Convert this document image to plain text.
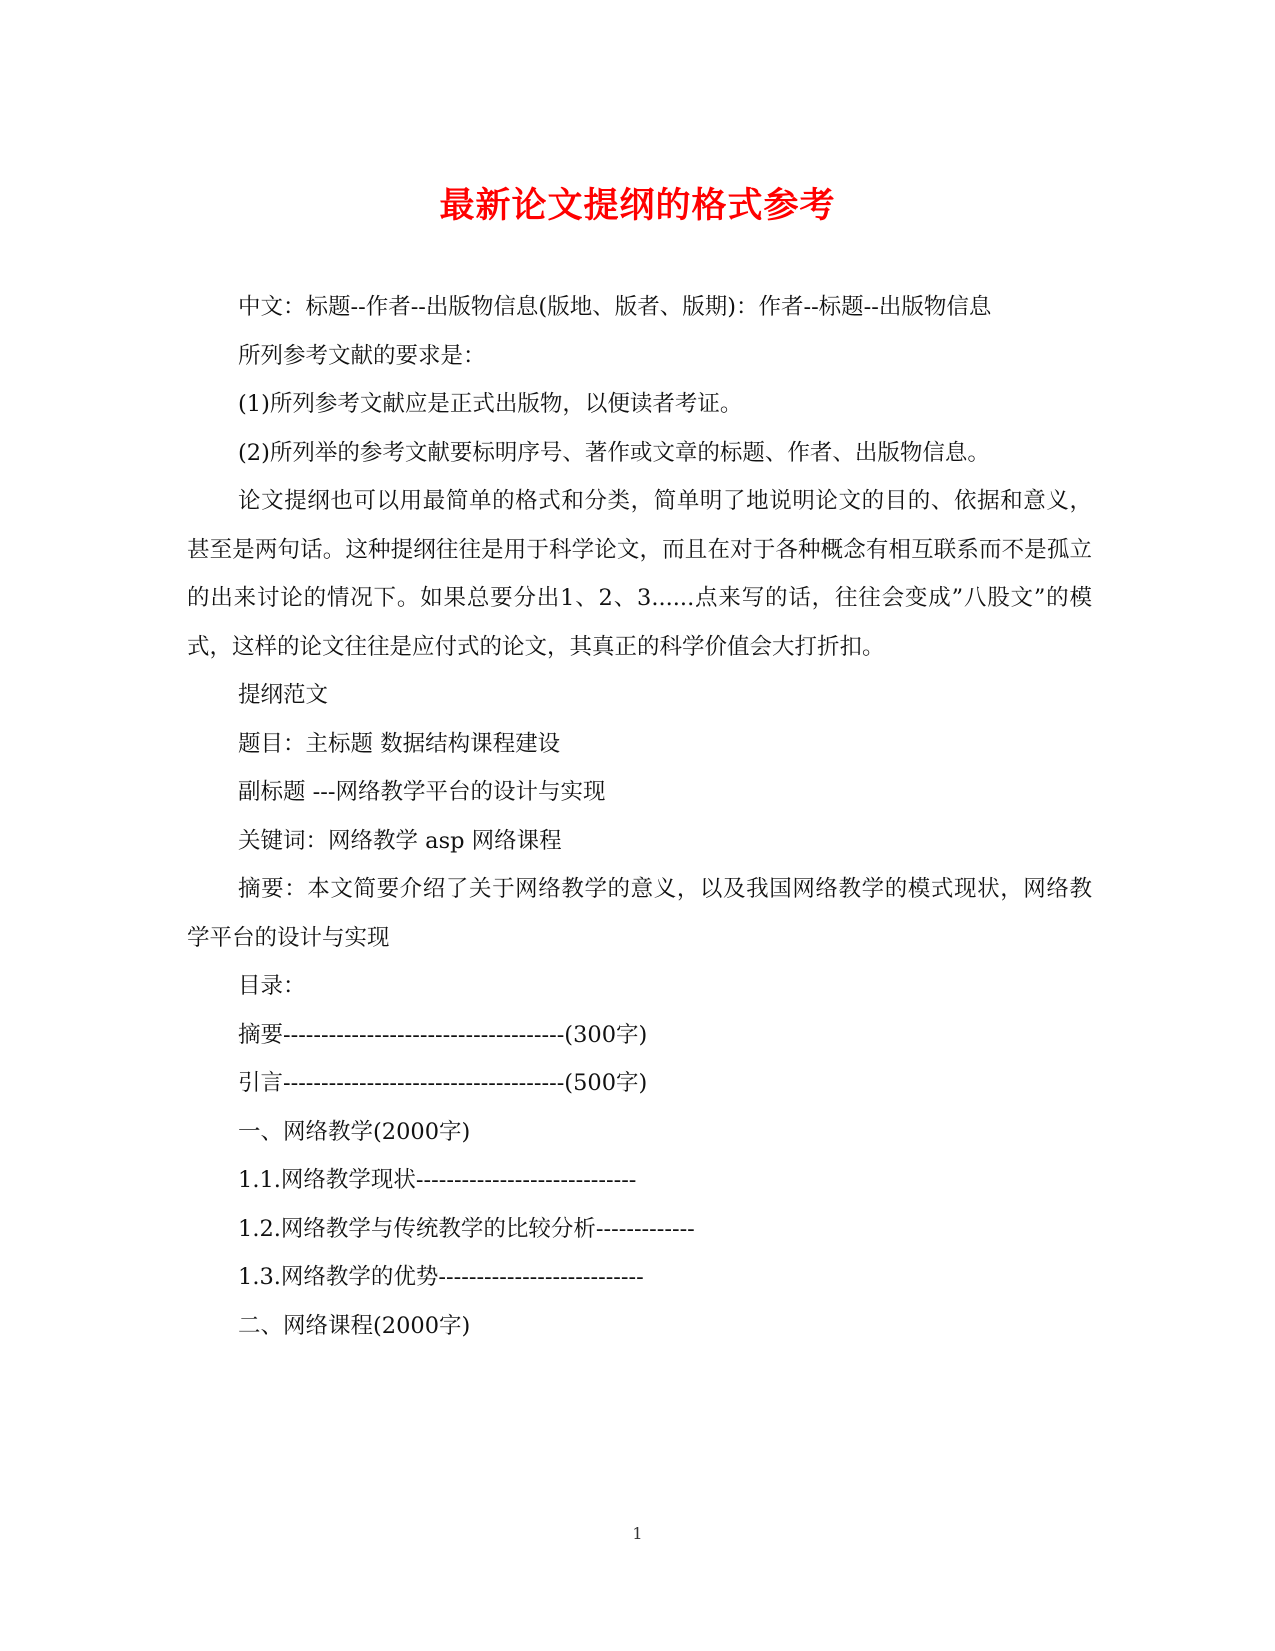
最新论文提纲的格式参考

中文：标题--作者--出版物信息(版地、版者、版期)：作者--标题--出版物信息

所列参考文献的要求是：

(1)所列参考文献应是正式出版物，以便读者考证。

(2)所列举的参考文献要标明序号、著作或文章的标题、作者、出版物信息。

论文提纲也可以用最简单的格式和分类，简单明了地说明论文的目的、依据和意义，甚至是两句话。这种提纲往往是用于科学论文，而且在对于各种概念有相互联系而不是孤立的出来讨论的情况下。如果总要分出1、2、3......点来写的话，往往会变成”八股文”的模式，这样的论文往往是应付式的论文，其真正的科学价值会大打折扣。

提纲范文

题目：主标题 数据结构课程建设

副标题 ---网络教学平台的设计与实现

关键词：网络教学 asp 网络课程

摘要：本文简要介绍了关于网络教学的意义，以及我国网络教学的模式现状，网络教学平台的设计与实现

目录：

摘要-------------------------------------(300字)

引言-------------------------------------(500字)

一、网络教学(2000字)

1.1.网络教学现状-----------------------------

1.2.网络教学与传统教学的比较分析-------------

1.3.网络教学的优势---------------------------

二、网络课程(2000字)

1
